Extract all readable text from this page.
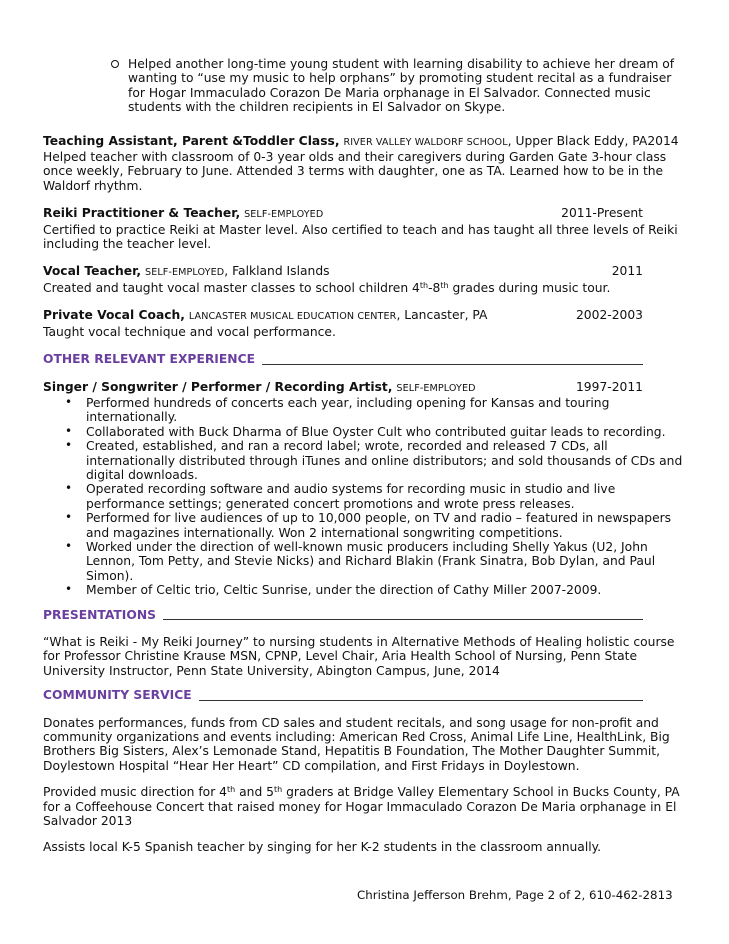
Helped another long-time young student with learning disability to achieve her dream of wanting to “use my music to help orphans” by promoting student recital as a fundraiser for Hogar Immaculado Corazon De Maria orphanage in El Salvador. Connected music students with the children recipients in El Salvador on Skype.
Teaching Assistant, Parent &Toddler Class, RIVER VALLEY WALDORF SCHOOL, Upper Black Eddy, PA 2014
Helped teacher with classroom of 0-3 year olds and their caregivers during Garden Gate 3-hour class once weekly, February to June. Attended 3 terms with daughter, one as TA. Learned how to be in the Waldorf rhythm.
Reiki Practitioner & Teacher, SELF-EMPLOYED	2011-Present
Certified to practice Reiki at Master level. Also certified to teach and has taught all three levels of Reiki including the teacher level.
Vocal Teacher, SELF-EMPLOYED, Falkland Islands	2011
Created and taught vocal master classes to school children 4th-8th grades during music tour.
Private Vocal Coach, LANCASTER MUSICAL EDUCATION CENTER, Lancaster, PA	2002-2003
Taught vocal technique and vocal performance.
OTHER RELEVANT EXPERIENCE
Singer / Songwriter / Performer / Recording Artist, SELF-EMPLOYED	1997-2011
• Performed hundreds of concerts each year, including opening for Kansas and touring internationally.
• Collaborated with Buck Dharma of Blue Oyster Cult who contributed guitar leads to recording.
• Created, established, and ran a record label; wrote, recorded and released 7 CDs, all internationally distributed through iTunes and online distributors; and sold thousands of CDs and digital downloads.
• Operated recording software and audio systems for recording music in studio and live performance settings; generated concert promotions and wrote press releases.
• Performed for live audiences of up to 10,000 people, on TV and radio – featured in newspapers and magazines internationally. Won 2 international songwriting competitions.
• Worked under the direction of well-known music producers including Shelly Yakus (U2, John Lennon, Tom Petty, and Stevie Nicks) and Richard Blakin (Frank Sinatra, Bob Dylan, and Paul Simon).
• Member of Celtic trio, Celtic Sunrise, under the direction of Cathy Miller 2007-2009.
PRESENTATIONS
“What is Reiki - My Reiki Journey” to nursing students in Alternative Methods of Healing holistic course for Professor Christine Krause MSN, CPNP, Level Chair, Aria Health School of Nursing, Penn State University Instructor, Penn State University, Abington Campus, June, 2014
COMMUNITY SERVICE
Donates performances, funds from CD sales and student recitals, and song usage for non-profit and community organizations and events including: American Red Cross, Animal Life Line, HealthLink, Big Brothers Big Sisters, Alex’s Lemonade Stand, Hepatitis B Foundation, The Mother Daughter Summit, Doylestown Hospital “Hear Her Heart” CD compilation, and First Fridays in Doylestown.
Provided music direction for 4th and 5th graders at Bridge Valley Elementary School in Bucks County, PA for a Coffeehouse Concert that raised money for Hogar Immaculado Corazon De Maria orphanage in El Salvador 2013
Assists local K-5 Spanish teacher by singing for her K-2 students in the classroom annually.
Christina Jefferson Brehm, Page 2 of 2, 610-462-2813
